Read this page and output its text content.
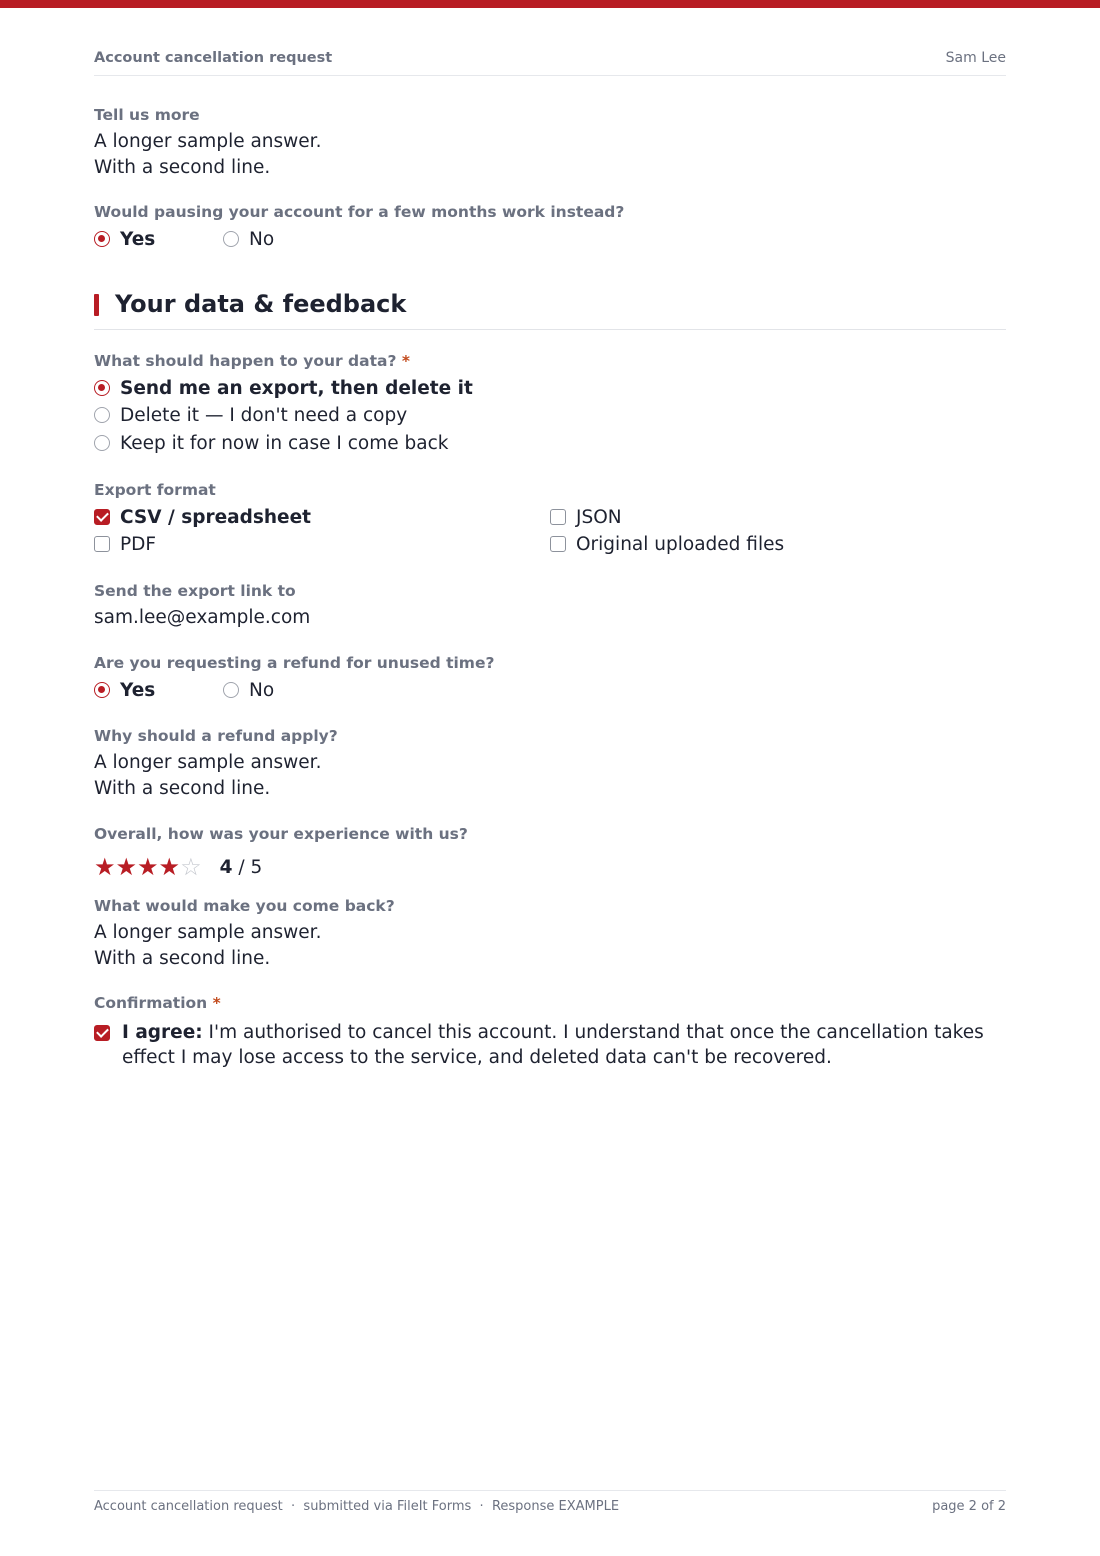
Account cancellation request	Sam Lee
Tell us more
A longer sample answer.
With a second line.
Would pausing your account for a few months work instead?
Yes	No
Your data & feedback
What should happen to your data? *
Send me an export, then delete it
Delete it — I don't need a copy
Keep it for now in case I come back
Export format
CSV / spreadsheet	JSON
PDF	Original uploaded files
Send the export link to
sam.lee@example.com
Are you requesting a refund for unused time?
Yes	No
Why should a refund apply?
A longer sample answer.
With a second line.
Overall, how was your experience with us?
★★★★☆ 4 / 5
What would make you come back?
A longer sample answer.
With a second line.
Confirmation *
I agree: I'm authorised to cancel this account. I understand that once the cancellation takes effect I may lose access to the service, and deleted data can't be recovered.
Account cancellation request  ·  submitted via FileIt Forms  ·  Response EXAMPLE	page 2 of 2
